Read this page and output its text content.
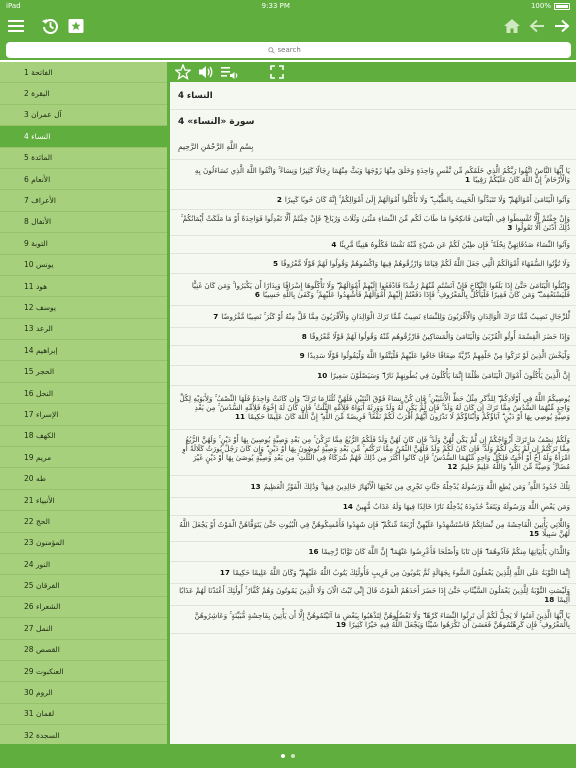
iPad	9:33 PM	100%
search
1 الفاتحة
2 البقرة
3 آل عمران
4 النساء
5 المائدة
6 الأنعام
7 الأعراف
8 الأنفال
9 التوبة
10 يونس
11 هود
12 يوسف
13 الرعد
14 إبراهيم
15 الحجر
16 النحل
17 الإسراء
18 الكهف
19 مريم
20 طه
21 الأنبياء
22 الحج
23 المؤمنون
24 النور
25 الفرقان
26 الشعراء
27 النمل
28 القصص
29 العنكبوت
30 الروم
31 لقمان
32 السجدة
النساء 4
سورة «النساء» 4
بِسْمِ اللَّهِ الرَّحْمَٰنِ الرَّحِيمِ
يَا أَيُّهَا النَّاسُ اتَّقُوا رَبَّكُمُ الَّذِي خَلَقَكُم مِّن نَّفْسٍ وَاحِدَةٍ وَخَلَقَ مِنْهَا زَوْجَهَا وَبَثَّ مِنْهُمَا رِجَالًا كَثِيرًا وَنِسَاءً ۚ وَاتَّقُوا اللَّهَ الَّذِي تَسَاءَلُونَ بِهِ وَالْأَرْحَامَ ۚ إِنَّ اللَّهَ كَانَ عَلَيْكُمْ رَقِيبًا1
وَآتُوا الْيَتَامَىٰ أَمْوَالَهُمْ ۖ وَلَا تَتَبَدَّلُوا الْخَبِيثَ بِالطَّيِّبِ ۖ وَلَا تَأْكُلُوا أَمْوَالَهُمْ إِلَىٰ أَمْوَالِكُمْ ۚ إِنَّهُ كَانَ حُوبًا كَبِيرًا2
وَإِنْ خِفْتُمْ أَلَّا تُقْسِطُوا فِي الْيَتَامَىٰ فَانكِحُوا مَا طَابَ لَكُم مِّنَ النِّسَاءِ مَثْنَىٰ وَثُلَاثَ وَرُبَاعَ ۖ فَإِنْ خِفْتُمْ أَلَّا تَعْدِلُوا فَوَاحِدَةً أَوْ مَا مَلَكَتْ أَيْمَانُكُمْ ۚ ذَٰلِكَ أَدْنَىٰ أَلَّا تَعُولُوا3
وَآتُوا النِّسَاءَ صَدُقَاتِهِنَّ نِحْلَةً ۚ فَإِن طِبْنَ لَكُمْ عَن شَيْءٍ مِّنْهُ نَفْسًا فَكُلُوهُ هَنِيئًا مَّرِيئًا4
وَلَا تُؤْتُوا السُّفَهَاءَ أَمْوَالَكُمُ الَّتِي جَعَلَ اللَّهُ لَكُمْ قِيَامًا وَارْزُقُوهُمْ فِيهَا وَاكْسُوهُمْ وَقُولُوا لَهُمْ قَوْلًا مَّعْرُوفًا5
وَابْتَلُوا الْيَتَامَىٰ حَتَّىٰ إِذَا بَلَغُوا النِّكَاحَ فَإِنْ آنَسْتُم مِّنْهُمْ رُشْدًا فَادْفَعُوا إِلَيْهِمْ أَمْوَالَهُمْ ۖ وَلَا تَأْكُلُوهَا إِسْرَافًا وَبِدَارًا أَن يَكْبَرُوا ۚ وَمَن كَانَ غَنِيًّا فَلْيَسْتَعْفِفْ ۖ وَمَن كَانَ فَقِيرًا فَلْيَأْكُلْ بِالْمَعْرُوفِ ۚ فَإِذَا دَفَعْتُمْ إِلَيْهِمْ أَمْوَالَهُمْ فَأَشْهِدُوا عَلَيْهِمْ ۚ وَكَفَىٰ بِاللَّهِ حَسِيبًا6
لِّلرِّجَالِ نَصِيبٌ مِّمَّا تَرَكَ الْوَالِدَانِ وَالْأَقْرَبُونَ وَلِلنِّسَاءِ نَصِيبٌ مِّمَّا تَرَكَ الْوَالِدَانِ وَالْأَقْرَبُونَ مِمَّا قَلَّ مِنْهُ أَوْ كَثُرَ ۚ نَصِيبًا مَّفْرُوضًا7
وَإِذَا حَضَرَ الْقِسْمَةَ أُولُو الْقُرْبَىٰ وَالْيَتَامَىٰ وَالْمَسَاكِينُ فَارْزُقُوهُم مِّنْهُ وَقُولُوا لَهُمْ قَوْلًا مَّعْرُوفًا8
وَلْيَخْشَ الَّذِينَ لَوْ تَرَكُوا مِنْ خَلْفِهِمْ ذُرِّيَّةً ضِعَافًا خَافُوا عَلَيْهِمْ فَلْيَتَّقُوا اللَّهَ وَلْيَقُولُوا قَوْلًا سَدِيدًا9
إِنَّ الَّذِينَ يَأْكُلُونَ أَمْوَالَ الْيَتَامَىٰ ظُلْمًا إِنَّمَا يَأْكُلُونَ فِي بُطُونِهِمْ نَارًا ۖ وَسَيَصْلَوْنَ سَعِيرًا10
يُوصِيكُمُ اللَّهُ فِي أَوْلَادِكُمْ ۖ لِلذَّكَرِ مِثْلُ حَظِّ الْأُنثَيَيْنِ ۚ فَإِن كُنَّ نِسَاءً فَوْقَ اثْنَتَيْنِ فَلَهُنَّ ثُلُثَا مَا تَرَكَ ۖ وَإِن كَانَتْ وَاحِدَةً فَلَهَا النِّصْفُ ۚ وَلِأَبَوَيْهِ لِكُلِّ وَاحِدٍ مِّنْهُمَا السُّدُسُ مِمَّا تَرَكَ إِن كَانَ لَهُ وَلَدٌ ۚ فَإِن لَّمْ يَكُن لَّهُ وَلَدٌ وَوَرِثَهُ أَبَوَاهُ فَلِأُمِّهِ الثُّلُثُ ۚ فَإِن كَانَ لَهُ إِخْوَةٌ فَلِأُمِّهِ السُّدُسُ ۚ مِن بَعْدِ وَصِيَّةٍ يُوصِي بِهَا أَوْ دَيْنٍ ۗ آبَاؤُكُمْ وَأَبْنَاؤُكُمْ لَا تَدْرُونَ أَيُّهُمْ أَقْرَبُ لَكُمْ نَفْعًا ۚ فَرِيضَةً مِّنَ اللَّهِ ۗ إِنَّ اللَّهَ كَانَ عَلِيمًا حَكِيمًا11
وَلَكُمْ نِصْفُ مَا تَرَكَ أَزْوَاجُكُمْ إِن لَّمْ يَكُن لَّهُنَّ وَلَدٌ ۚ فَإِن كَانَ لَهُنَّ وَلَدٌ فَلَكُمُ الرُّبُعُ مِمَّا تَرَكْنَ ۚ مِن بَعْدِ وَصِيَّةٍ يُوصِينَ بِهَا أَوْ دَيْنٍ ۚ وَلَهُنَّ الرُّبُعُ مِمَّا تَرَكْتُمْ إِن لَّمْ يَكُن لَّكُمْ وَلَدٌ ۚ فَإِن كَانَ لَكُمْ وَلَدٌ فَلَهُنَّ الثُّمُنُ مِمَّا تَرَكْتُم ۚ مِّن بَعْدِ وَصِيَّةٍ تُوصُونَ بِهَا أَوْ دَيْنٍ ۗ وَإِن كَانَ رَجُلٌ يُورَثُ كَلَالَةً أَوِ امْرَأَةٌ وَلَهُ أَخٌ أَوْ أُخْتٌ فَلِكُلِّ وَاحِدٍ مِّنْهُمَا السُّدُسُ ۚ فَإِن كَانُوا أَكْثَرَ مِن ذَٰلِكَ فَهُمْ شُرَكَاءُ فِي الثُّلُثِ ۚ مِن بَعْدِ وَصِيَّةٍ يُوصَىٰ بِهَا أَوْ دَيْنٍ غَيْرَ مُضَارٍّ ۚ وَصِيَّةً مِّنَ اللَّهِ ۗ وَاللَّهُ عَلِيمٌ حَلِيمٌ12
تِلْكَ حُدُودُ اللَّهِ ۚ وَمَن يُطِعِ اللَّهَ وَرَسُولَهُ يُدْخِلْهُ جَنَّاتٍ تَجْرِي مِن تَحْتِهَا الْأَنْهَارُ خَالِدِينَ فِيهَا ۚ وَذَٰلِكَ الْفَوْزُ الْعَظِيمُ13
وَمَن يَعْصِ اللَّهَ وَرَسُولَهُ وَيَتَعَدَّ حُدُودَهُ يُدْخِلْهُ نَارًا خَالِدًا فِيهَا وَلَهُ عَذَابٌ مُّهِينٌ14
وَاللَّاتِي يَأْتِينَ الْفَاحِشَةَ مِن نِّسَائِكُمْ فَاسْتَشْهِدُوا عَلَيْهِنَّ أَرْبَعَةً مِّنكُمْ ۖ فَإِن شَهِدُوا فَأَمْسِكُوهُنَّ فِي الْبُيُوتِ حَتَّىٰ يَتَوَفَّاهُنَّ الْمَوْتُ أَوْ يَجْعَلَ اللَّهُ لَهُنَّ سَبِيلًا15
وَاللَّذَانِ يَأْتِيَانِهَا مِنكُمْ فَآذُوهُمَا ۖ فَإِن تَابَا وَأَصْلَحَا فَأَعْرِضُوا عَنْهُمَا ۗ إِنَّ اللَّهَ كَانَ تَوَّابًا رَّحِيمًا16
إِنَّمَا التَّوْبَةُ عَلَى اللَّهِ لِلَّذِينَ يَعْمَلُونَ السُّوءَ بِجَهَالَةٍ ثُمَّ يَتُوبُونَ مِن قَرِيبٍ فَأُولَٰئِكَ يَتُوبُ اللَّهُ عَلَيْهِمْ ۗ وَكَانَ اللَّهُ عَلِيمًا حَكِيمًا17
وَلَيْسَتِ التَّوْبَةُ لِلَّذِينَ يَعْمَلُونَ السَّيِّئَاتِ حَتَّىٰ إِذَا حَضَرَ أَحَدَهُمُ الْمَوْتُ قَالَ إِنِّي تُبْتُ الْآنَ وَلَا الَّذِينَ يَمُوتُونَ وَهُمْ كُفَّارٌ ۚ أُولَٰئِكَ أَعْتَدْنَا لَهُمْ عَذَابًا أَلِيمًا18
يَا أَيُّهَا الَّذِينَ آمَنُوا لَا يَحِلُّ لَكُمْ أَن تَرِثُوا النِّسَاءَ كَرْهًا ۖ وَلَا تَعْضُلُوهُنَّ لِتَذْهَبُوا بِبَعْضِ مَا آتَيْتُمُوهُنَّ إِلَّا أَن يَأْتِينَ بِفَاحِشَةٍ مُّبَيِّنَةٍ ۚ وَعَاشِرُوهُنَّ بِالْمَعْرُوفِ ۚ فَإِن كَرِهْتُمُوهُنَّ فَعَسَىٰ أَن تَكْرَهُوا شَيْئًا وَيَجْعَلَ اللَّهُ فِيهِ خَيْرًا كَثِيرًا19
